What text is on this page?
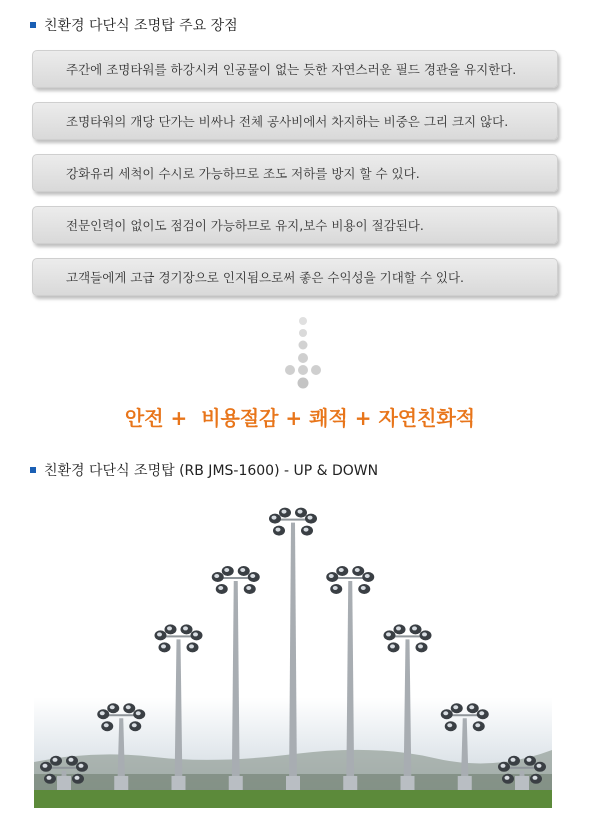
친환경 다단식 조명탑 주요 장점
주간에 조명타워를 하강시켜 인공물이 없는 듯한 자연스러운 필드 경관을 유지한다.
조명타워의 개당 단가는 비싸나 전체 공사비에서 차지하는 비중은 그리 크지 않다.
강화유리 세척이 수시로 가능하므로 조도 저하를 방지 할 수 있다.
전문인력이 없이도 점검이 가능하므로 유지,보수 비용이 절감된다.
고객들에게 고급 경기장으로 인지됨으로써 좋은 수익성을 기대할 수 있다.
안전 +  비용절감 + 쾌적 + 자연친화적
친환경 다단식 조명탑 (RB JMS-1600) - UP & DOWN
